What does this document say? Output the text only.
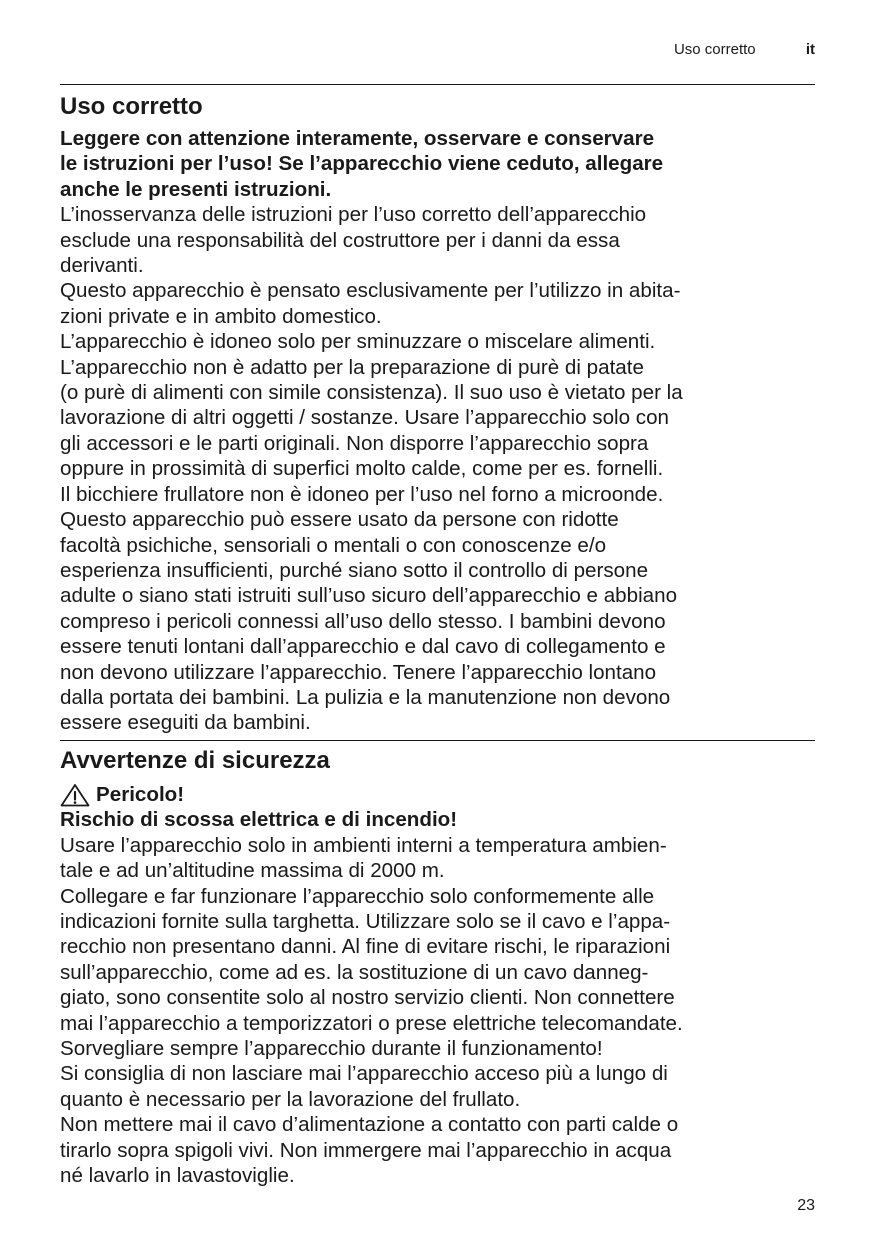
Uso corretto	it
Uso corretto

Leggere con attenzione interamente, osservare e conservare

le istruzioni per l’uso! Se l’apparecchio viene ceduto, allegare

anche le presenti istruzioni.

L’inosservanza delle istruzioni per l’uso corretto dell’apparecchio

esclude una responsabilità del costruttore per i danni da essa

derivanti.

Questo apparecchio è pensato esclusivamente per l’utilizzo in abita-

zioni private e in ambito domestico.

L’apparecchio è idoneo solo per sminuzzare o miscelare alimenti.

L’apparecchio non è adatto per la preparazione di purè di patate

(o purè di alimenti con simile consistenza). Il suo uso è vietato per la

lavorazione di altri oggetti / sostanze. Usare l’apparecchio solo con

gli accessori e le parti originali. Non disporre l’apparecchio sopra

oppure in prossimità di superfici molto calde, come per es. fornelli.

Il bicchiere frullatore non è idoneo per l’uso nel forno a microonde.

Questo apparecchio può essere usato da persone con ridotte

facoltà psichiche, sensoriali o mentali o con conoscenze e/o

esperienza insufficienti, purché siano sotto il controllo di persone

adulte o siano stati istruiti sull’uso sicuro dell’apparecchio e abbiano

compreso i pericoli connessi all’uso dello stesso. I bambini devono

essere tenuti lontani dall’apparecchio e dal cavo di collegamento e

non devono utilizzare l’apparecchio. Tenere l’apparecchio lontano

dalla portata dei bambini. La pulizia e la manutenzione non devono

essere eseguiti da bambini.

Avvertenze di sicurezza
Pericolo!

Rischio di scossa elettrica e di incendio!

Usare l’apparecchio solo in ambienti interni a temperatura ambien-

tale e ad un’altitudine massima di 2000 m.

Collegare e far funzionare l’apparecchio solo conformemente alle

indicazioni fornite sulla targhetta. Utilizzare solo se il cavo e l’appa-

recchio non presentano danni. Al fine di evitare rischi, le riparazioni

sull’apparecchio, come ad es. la sostituzione di un cavo danneg-

giato, sono consentite solo al nostro servizio clienti. Non connettere

mai l’apparecchio a temporizzatori o prese elettriche telecomandate.

Sorvegliare sempre l’apparecchio durante il funzionamento!

Si consiglia di non lasciare mai l’apparecchio acceso più a lungo di

quanto è necessario per la lavorazione del frullato.

Non mettere mai il cavo d’alimentazione a contatto con parti calde o

tirarlo sopra spigoli vivi. Non immergere mai l’apparecchio in acqua

né lavarlo in lavastoviglie.

23
